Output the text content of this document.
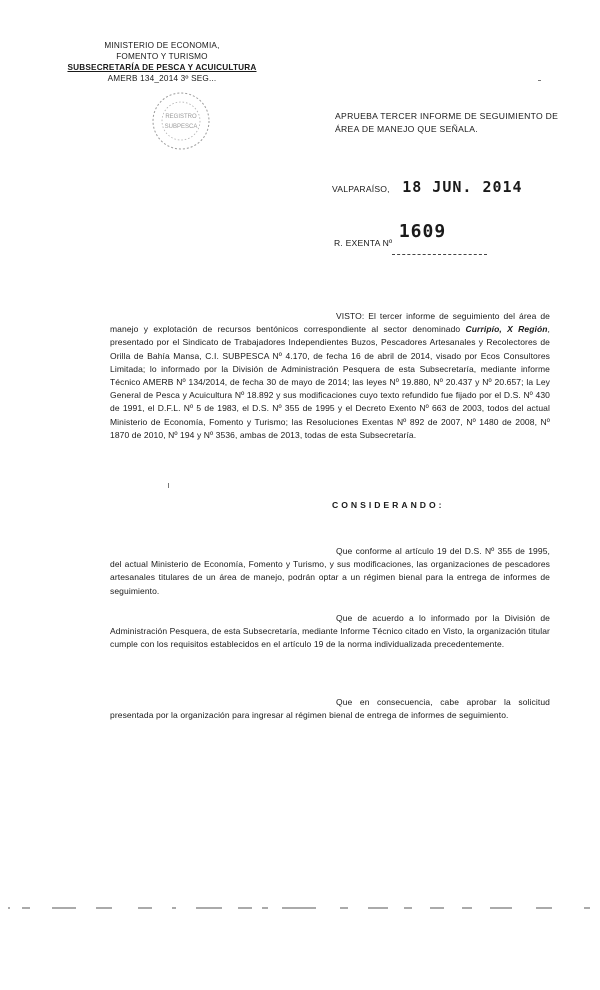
MINISTERIO DE ECONOMIA,
FOMENTO Y TURISMO
SUBSECRETARÍA DE PESCA Y ACUICULTURA
AMERB 134_2014 3º SEG...
REGISTRO
SUBPESCA
APRUEBA TERCER INFORME DE SEGUIMIENTO DE ÁREA DE MANEJO QUE SEÑALA.
VALPARAÍSO, 18 JUN. 2014
R. EXENTA Nº 1609
VISTO: El tercer informe de seguimiento del área de manejo y explotación de recursos bentónicos correspondiente al sector denominado Curripío, X Región, presentado por el Sindicato de Trabajadores Independientes Buzos, Pescadores Artesanales y Recolectores de Orilla de Bahía Mansa, C.I. SUBPESCA Nº 4.170, de fecha 16 de abril de 2014, visado por Ecos Consultores Limitada; lo informado por la División de Administración Pesquera de esta Subsecretaría, mediante informe Técnico AMERB Nº 134/2014, de fecha 30 de mayo de 2014; las leyes Nº 19.880, Nº 20.437 y Nº 20.657; la Ley General de Pesca y Acuicultura Nº 18.892 y sus modificaciones cuyo texto refundido fue fijado por el D.S. Nº 430 de 1991, el D.F.L. Nº 5 de 1983, el D.S. Nº 355 de 1995 y el Decreto Exento Nº 663 de 2003, todos del actual Ministerio de Economía, Fomento y Turismo; las Resoluciones Exentas Nº 892 de 2007, Nº 1480 de 2008, Nº 1870 de 2010, Nº 194 y Nº 3536, ambas de 2013, todas de esta Subsecretaría.
CONSIDERANDO:
Que conforme al artículo 19 del D.S. Nº 355 de 1995, del actual Ministerio de Economía, Fomento y Turismo, y sus modificaciones, las organizaciones de pescadores artesanales titulares de un área de manejo, podrán optar a un régimen bienal para la entrega de informes de seguimiento.
Que de acuerdo a lo informado por la División de Administración Pesquera, de esta Subsecretaría, mediante Informe Técnico citado en Visto, la organización titular cumple con los requisitos establecidos en el artículo 19 de la norma individualizada precedentemente.
Que en consecuencia, cabe aprobar la solicitud presentada por la organización para ingresar al régimen bienal de entrega de informes de seguimiento.
